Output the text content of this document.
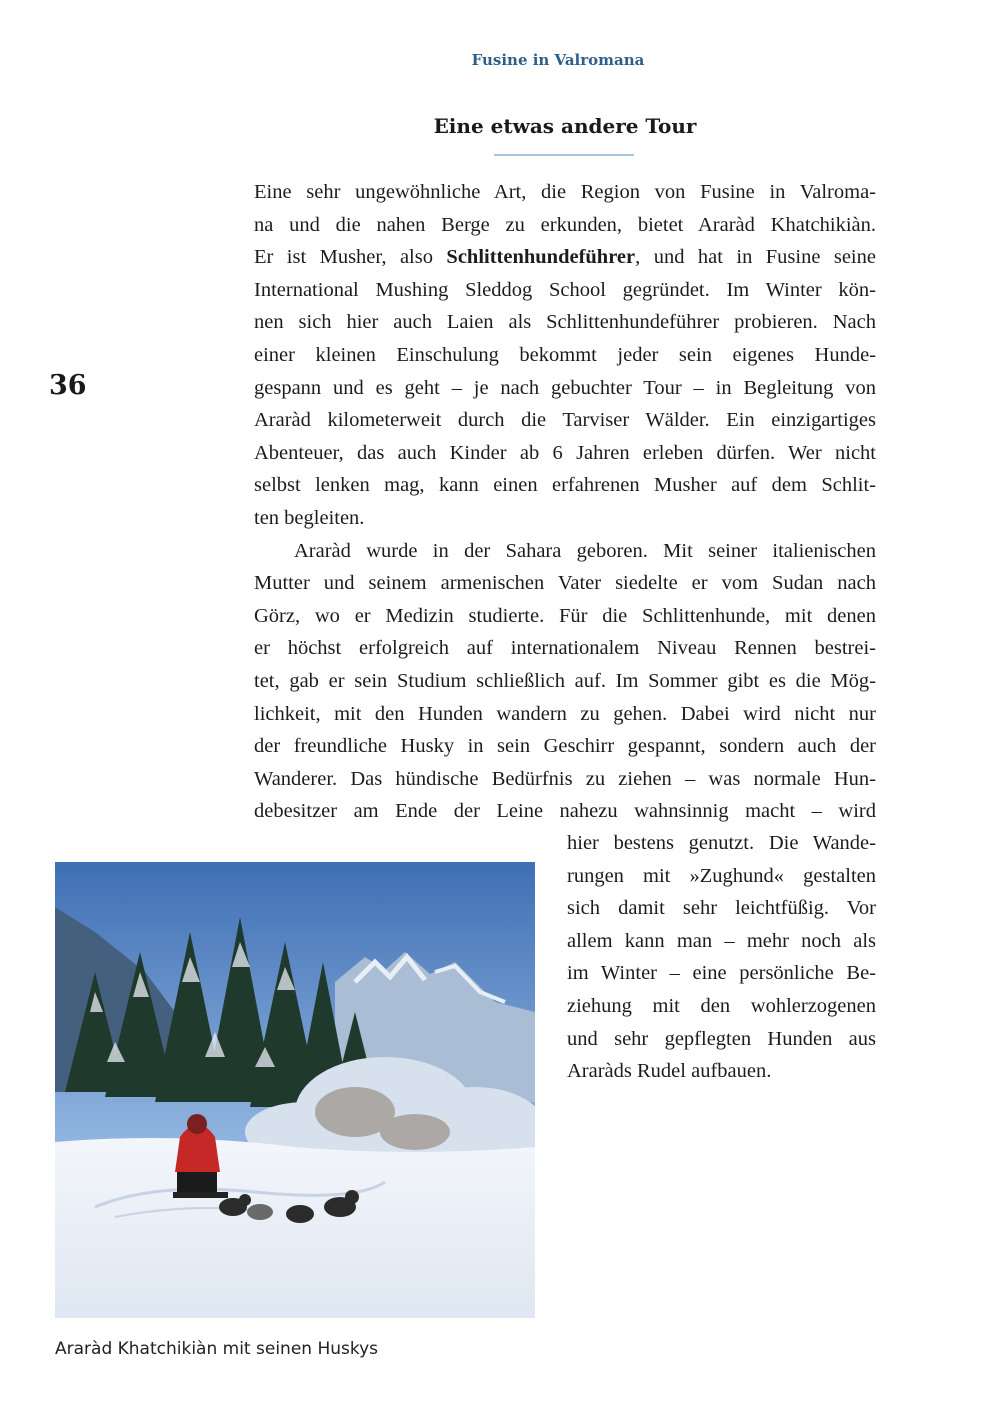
Fusine in Valromana
Eine etwas andere Tour
36
Eine sehr ungewöhnliche Art, die Region von Fusine in Valroma-
na und die nahen Berge zu erkunden, bietet Araràd Khatchikiàn.
Er ist Musher, also Schlittenhundeführer, und hat in Fusine seine
International Mushing Sleddog School gegründet. Im Winter kön-
nen sich hier auch Laien als Schlittenhundeführer probieren. Nach
einer kleinen Einschulung bekommt jeder sein eigenes Hunde-
gespann und es geht – je nach gebuchter Tour – in Begleitung von
Araràd kilometerweit durch die Tarviser Wälder. Ein einzigartiges
Abenteuer, das auch Kinder ab 6 Jahren erleben dürfen. Wer nicht
selbst lenken mag, kann einen erfahrenen Musher auf dem Schlit-
ten begleiten.
Araràd wurde in der Sahara geboren. Mit seiner italienischen
Mutter und seinem armenischen Vater siedelte er vom Sudan nach
Görz, wo er Medizin studierte. Für die Schlittenhunde, mit denen
er höchst erfolgreich auf internationalem Niveau Rennen bestrei-
tet, gab er sein Studium schließlich auf. Im Sommer gibt es die Mög-
lichkeit, mit den Hunden wandern zu gehen. Dabei wird nicht nur
der freundliche Husky in sein Geschirr gespannt, sondern auch der
Wanderer. Das hündische Bedürfnis zu ziehen – was normale Hun-
debesitzer am Ende der Leine nahezu wahnsinnig macht – wird
hier bestens genutzt. Die Wande-
rungen mit »Zughund« gestalten
sich damit sehr leichtfüßig. Vor
allem kann man – mehr noch als
im Winter – eine persönliche Be-
ziehung mit den wohlerzogenen
und sehr gepflegten Hunden aus
Araràds Rudel aufbauen.
Araràd Khatchikiàn mit seinen Huskys
